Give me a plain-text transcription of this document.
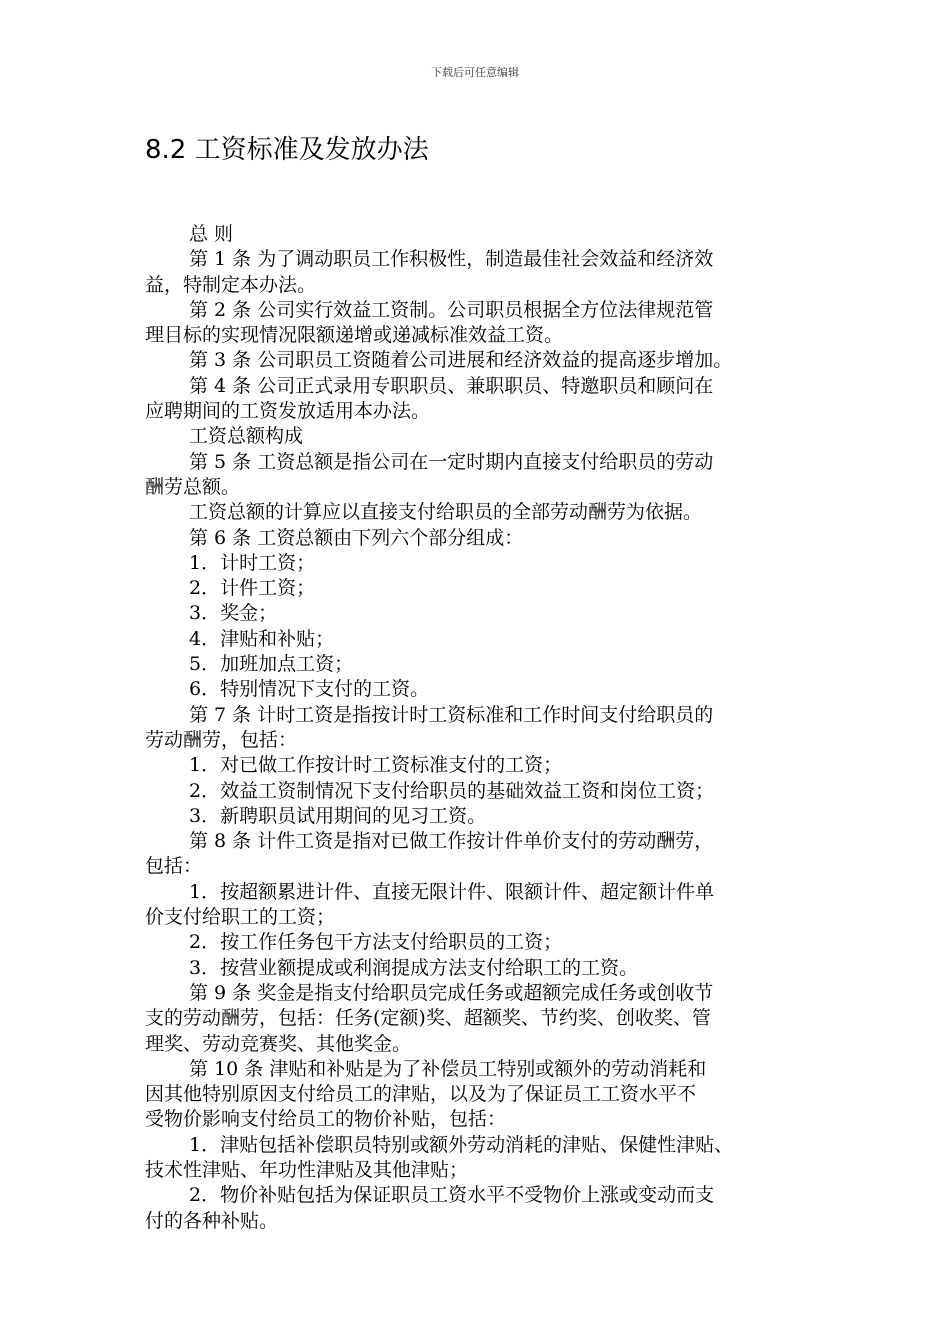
下载后可任意编辑
8.2 工资标准及发放办法

总 则

第 1 条 为了调动职员工作积极性，制造最佳社会效益和经济效

益，特制定本办法。

第 2 条 公司实行效益工资制。公司职员根据全方位法律规范管

理目标的实现情况限额递增或递减标准效益工资。

第 3 条 公司职员工资随着公司进展和经济效益的提高逐步增加。

第 4 条 公司正式录用专职职员、兼职职员、特邀职员和顾问在

应聘期间的工资发放适用本办法。

工资总额构成

第 5 条 工资总额是指公司在一定时期内直接支付给职员的劳动

酬劳总额。

工资总额的计算应以直接支付给职员的全部劳动酬劳为依据。

第 6 条 工资总额由下列六个部分组成：

1．计时工资；

2．计件工资；

3．奖金；

4．津贴和补贴；

5．加班加点工资；

6．特别情况下支付的工资。

第 7 条 计时工资是指按计时工资标准和工作时间支付给职员的

劳动酬劳，包括：

1．对已做工作按计时工资标准支付的工资；

2．效益工资制情况下支付给职员的基础效益工资和岗位工资；

3．新聘职员试用期间的见习工资。

第 8 条 计件工资是指对已做工作按计件单价支付的劳动酬劳，

包括：

1．按超额累进计件、直接无限计件、限额计件、超定额计件单

价支付给职工的工资；

2．按工作任务包干方法支付给职员的工资；

3．按营业额提成或利润提成方法支付给职工的工资。

第 9 条 奖金是指支付给职员完成任务或超额完成任务或创收节

支的劳动酬劳，包括：任务(定额)奖、超额奖、节约奖、创收奖、管

理奖、劳动竞赛奖、其他奖金。

第 10 条 津贴和补贴是为了补偿员工特别或额外的劳动消耗和

因其他特别原因支付给员工的津贴，以及为了保证员工工资水平不

受物价影响支付给员工的物价补贴，包括：

1．津贴包括补偿职员特别或额外劳动消耗的津贴、保健性津贴、

技术性津贴、年功性津贴及其他津贴；

2．物价补贴包括为保证职员工资水平不受物价上涨或变动而支

付的各种补贴。
